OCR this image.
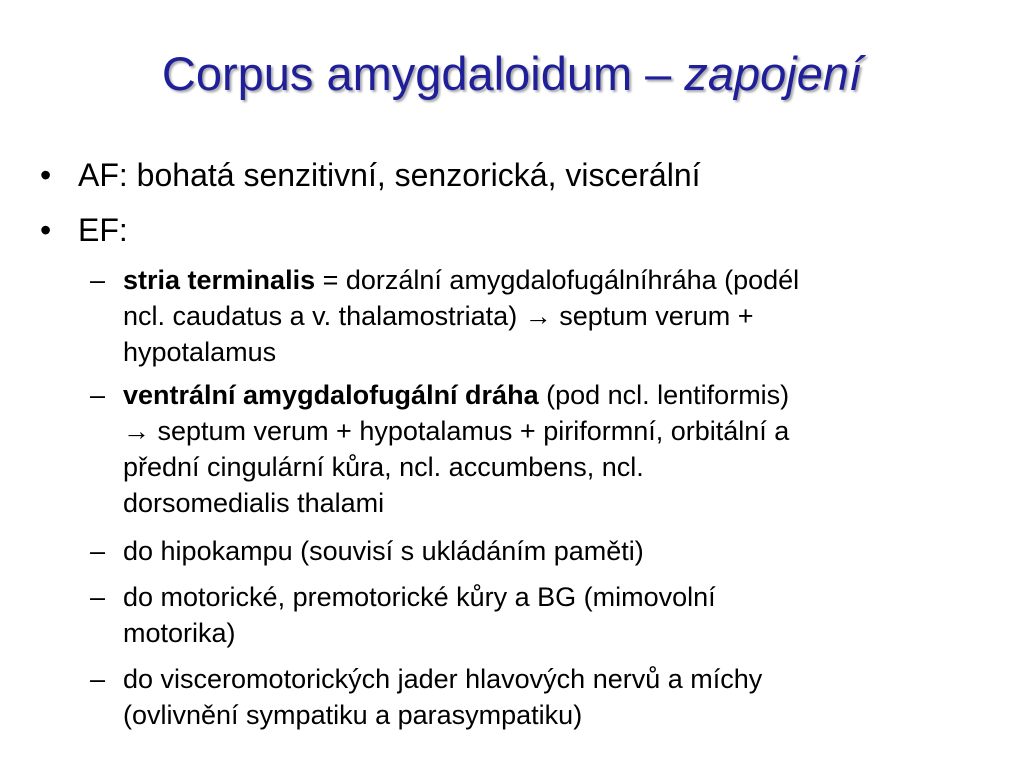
Corpus amygdaloidum – zapojení
• AF: bohatá senzitivní, senzorická, viscerální
• EF:
– stria terminalis = dorzální amygdalofugálníhráha (podél
ncl. caudatus a v. thalamostriata) → septum verum +
hypotalamus
– ventrální amygdalofugální dráha (pod ncl. lentiformis)
→ septum verum + hypotalamus + piriformní, orbitální a
přední cingulární kůra, ncl. accumbens, ncl.
dorsomedialis thalami
– do hipokampu (souvisí s ukládáním paměti)
– do motorické, premotorické kůry a BG (mimovolní
motorika)
– do visceromotorických jader hlavových nervů a míchy
(ovlivnění sympatiku a parasympatiku)
